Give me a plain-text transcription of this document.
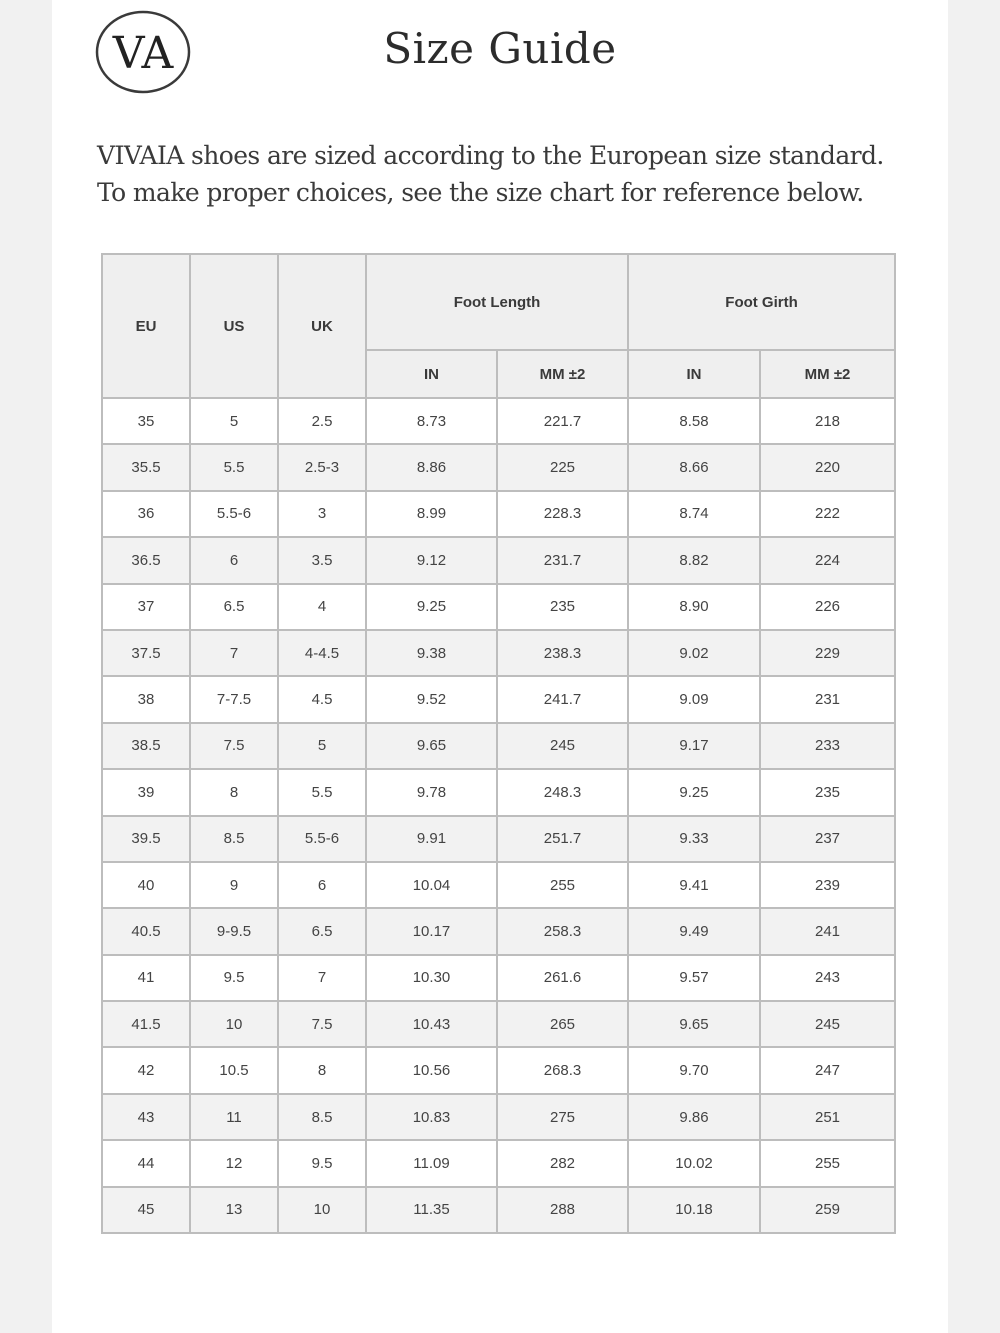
VA	Size Guide
VIVAIA shoes are sized according to the European size standard.
To make proper choices, see the size chart for reference below.
EU	US	UK	Foot Length		Foot Girth	
			IN	MM ±2	IN	MM ±2
35	5	2.5	8.73	221.7	8.58	218
35.5	5.5	2.5-3	8.86	225	8.66	220
36	5.5-6	3	8.99	228.3	8.74	222
36.5	6	3.5	9.12	231.7	8.82	224
37	6.5	4	9.25	235	8.90	226
37.5	7	4-4.5	9.38	238.3	9.02	229
38	7-7.5	4.5	9.52	241.7	9.09	231
38.5	7.5	5	9.65	245	9.17	233
39	8	5.5	9.78	248.3	9.25	235
39.5	8.5	5.5-6	9.91	251.7	9.33	237
40	9	6	10.04	255	9.41	239
40.5	9-9.5	6.5	10.17	258.3	9.49	241
41	9.5	7	10.30	261.6	9.57	243
41.5	10	7.5	10.43	265	9.65	245
42	10.5	8	10.56	268.3	9.70	247
43	11	8.5	10.83	275	9.86	251
44	12	9.5	11.09	282	10.02	255
45	13	10	11.35	288	10.18	259
